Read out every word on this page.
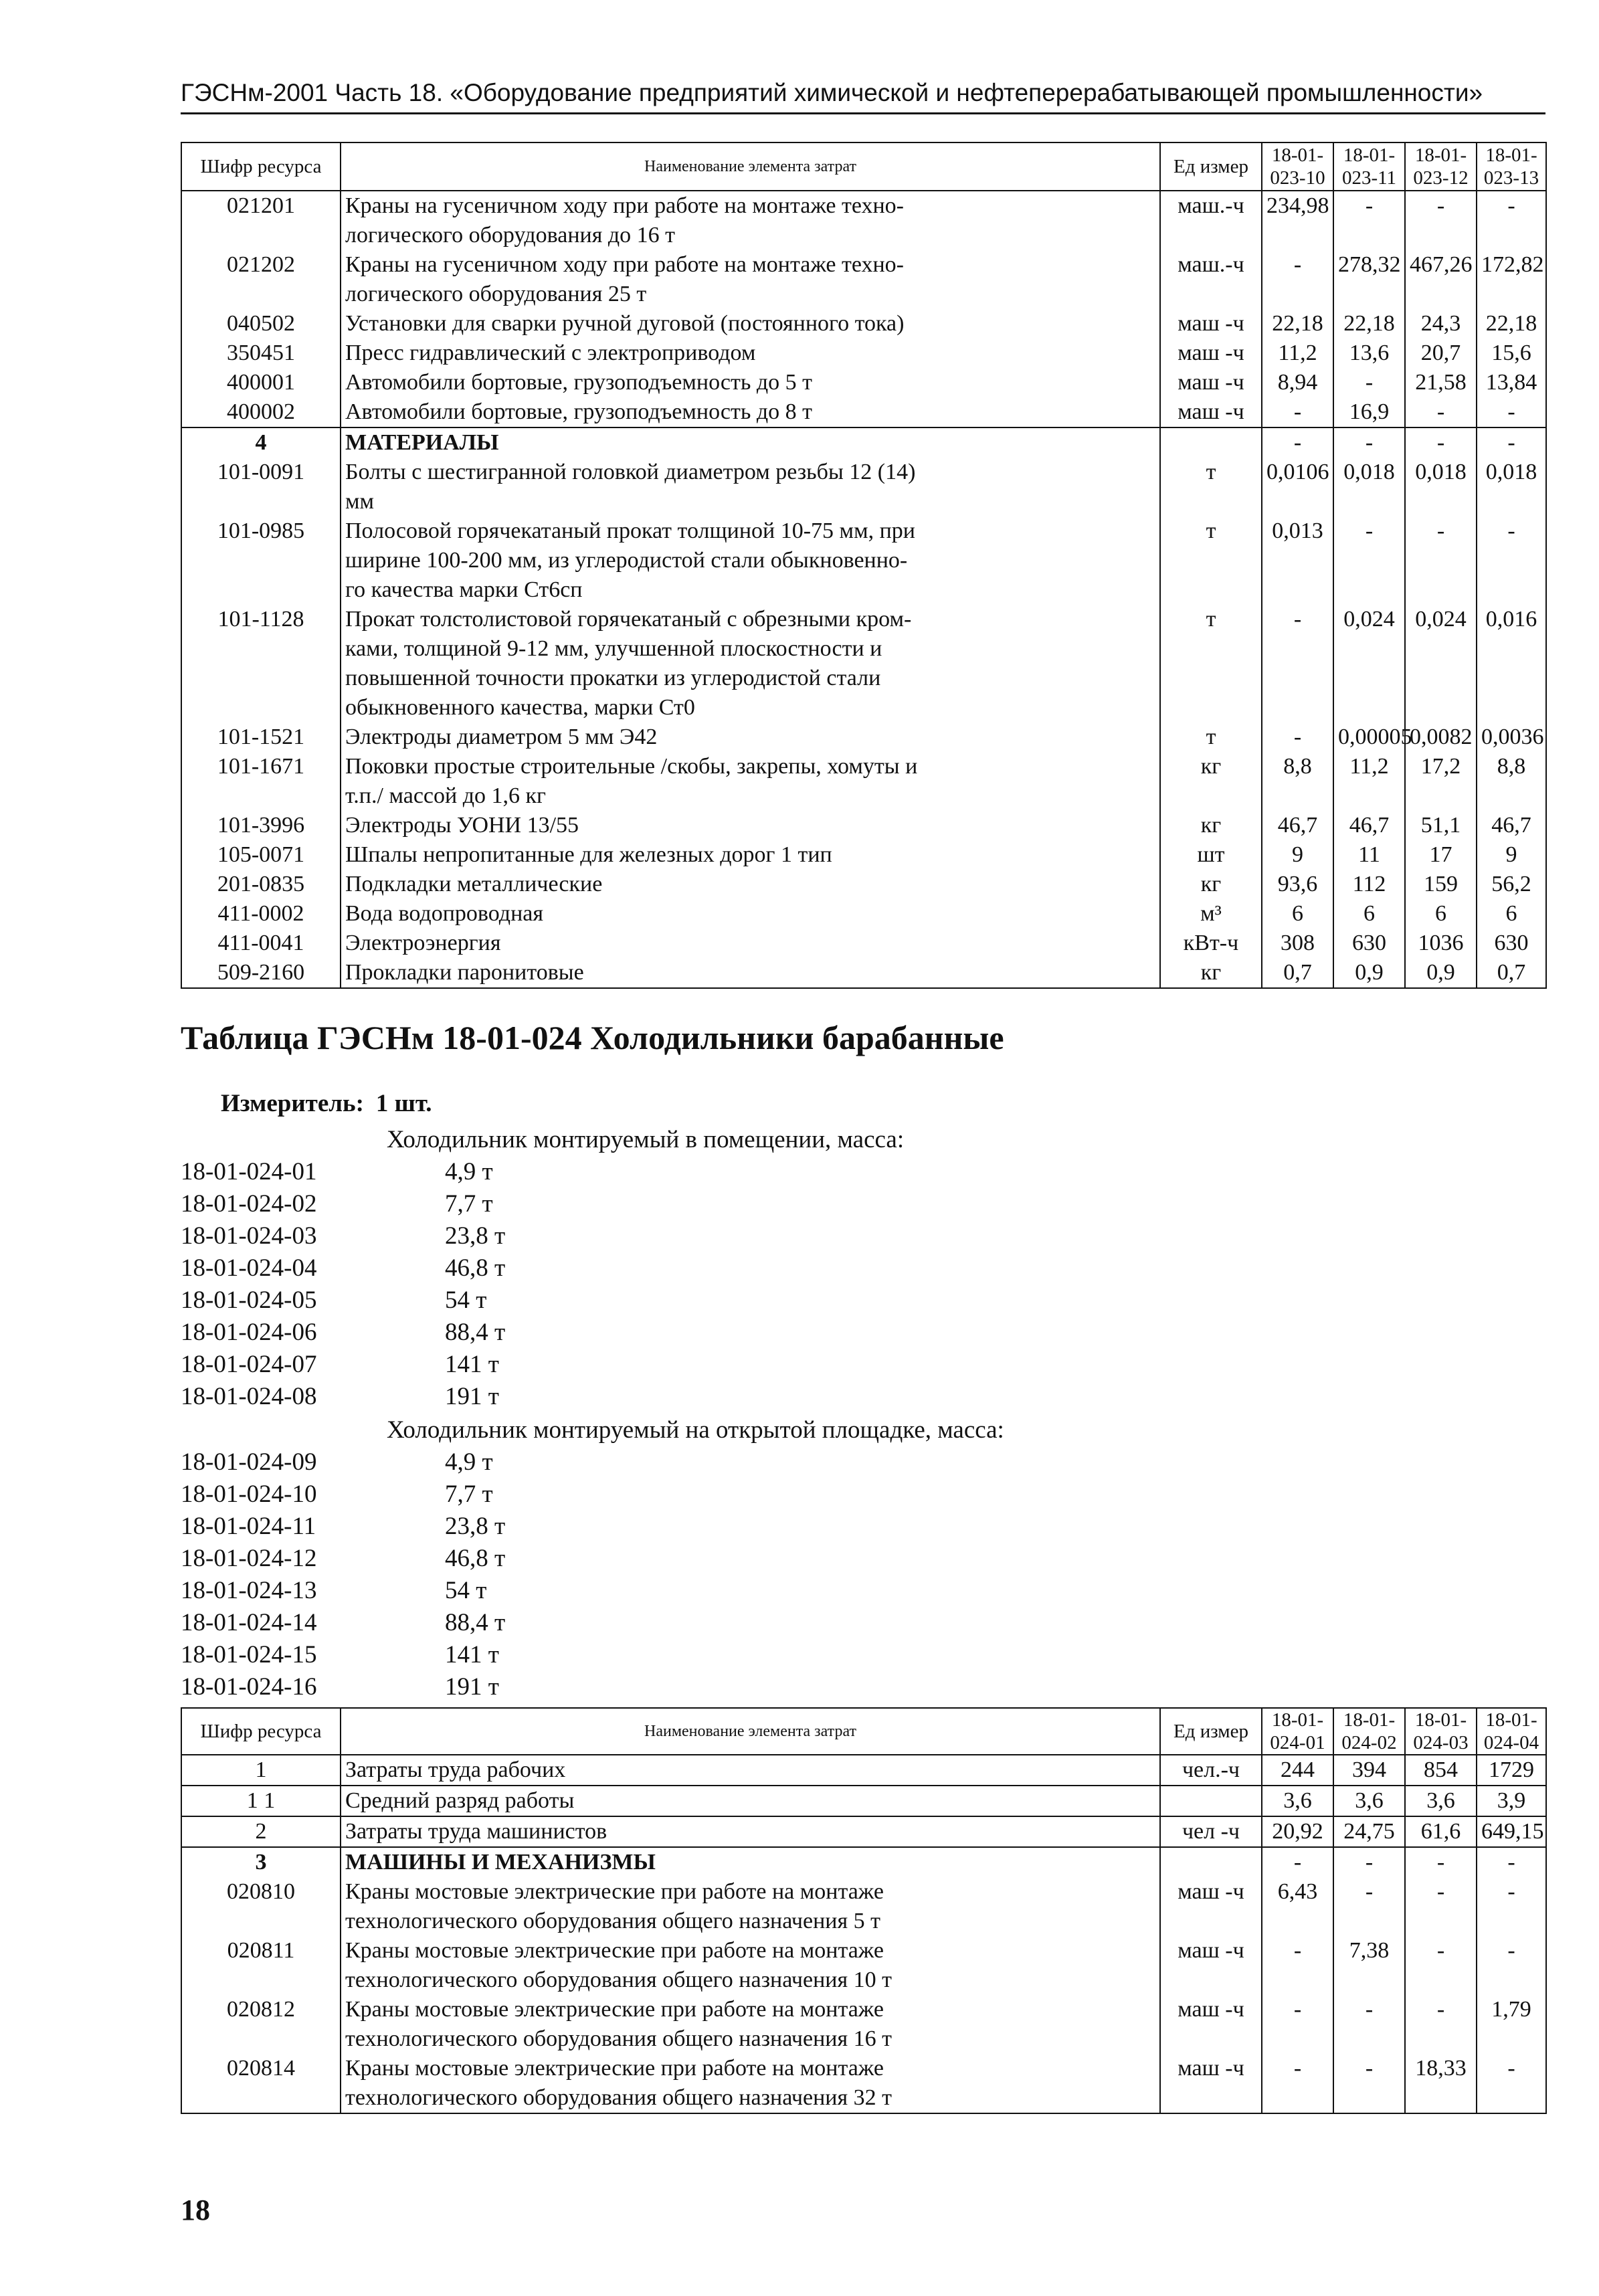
ГЭСНм-2001 Часть 18. «Оборудование предприятий химической и нефтеперерабатывающей промышленности»
Шифр ресурса	Наименование элемента затрат	Ед измер	18-01-023-10	18-01-023-11	18-01-023-12	18-01-023-13
021201	Краны на гусеничном ходу при работе на монтаже техно-
логического оборудования до 16 т	маш.-ч	234,98	-	-	-
021202	Краны на гусеничном ходу при работе на монтаже техно-
логического оборудования 25 т	маш.-ч	-	278,32	467,26	172,82
040502	Установки для сварки ручной дуговой (постоянного тока)	маш -ч	22,18	22,18	24,3	22,18
350451	Пресс гидравлический с электроприводом	маш -ч	11,2	13,6	20,7	15,6
400001	Автомобили бортовые, грузоподъемность до 5 т	маш -ч	8,94	-	21,58	13,84
400002	Автомобили бортовые, грузоподъемность до 8 т	маш -ч	-	16,9	-	-
4	МАТЕРИАЛЫ		-	-	-	-
101-0091	Болты с шестигранной головкой диаметром резьбы 12 (14)
мм	т	0,0106	0,018	0,018	0,018
101-0985	Полосовой горячекатаный прокат толщиной 10-75 мм, при
ширине 100-200 мм, из углеродистой стали обыкновенно-
го качества марки Ст6сп	т	0,013	-	-	-
101-1128	Прокат толстолистовой горячекатаный с обрезными кром-
ками, толщиной 9-12 мм, улучшенной плоскостности и
повышенной точности прокатки из углеродистой стали
обыкновенного качества, марки Ст0	т	-	0,024	0,024	0,016
101-1521	Электроды диаметром 5 мм Э42	т	-	0,00005	0,0082	0,0036
101-1671	Поковки простые строительные /скобы, закрепы, хомуты и
т.п./ массой до 1,6 кг	кг	8,8	11,2	17,2	8,8
101-3996	Электроды УОНИ 13/55	кг	46,7	46,7	51,1	46,7
105-0071	Шпалы непропитанные для железных дорог 1 тип	шт	9	11	17	9
201-0835	Подкладки металлические	кг	93,6	112	159	56,2
411-0002	Вода водопроводная	м³	6	6	6	6
411-0041	Электроэнергия	кВт-ч	308	630	1036	630
509-2160	Прокладки паронитовые	кг	0,7	0,9	0,9	0,7
Таблица ГЭСНм 18-01-024 Холодильники барабанные
Измеритель: 1 шт.
Холодильник монтируемый в помещении, масса:
18-01-024-01	4,9 т
18-01-024-02	7,7 т
18-01-024-03	23,8 т
18-01-024-04	46,8 т
18-01-024-05	54 т
18-01-024-06	88,4 т
18-01-024-07	141 т
18-01-024-08	191 т
Холодильник монтируемый на открытой площадке, масса:
18-01-024-09	4,9 т
18-01-024-10	7,7 т
18-01-024-11	23,8 т
18-01-024-12	46,8 т
18-01-024-13	54 т
18-01-024-14	88,4 т
18-01-024-15	141 т
18-01-024-16	191 т
Шифр ресурса	Наименование элемента затрат	Ед измер	18-01-024-01	18-01-024-02	18-01-024-03	18-01-024-04
1	Затраты труда рабочих	чел.-ч	244	394	854	1729
1 1	Средний разряд работы		3,6	3,6	3,6	3,9
2	Затраты труда машинистов	чел -ч	20,92	24,75	61,6	649,15
3	МАШИНЫ И МЕХАНИЗМЫ		-	-	-	-
020810	Краны мостовые электрические при работе на монтаже
технологического оборудования общего назначения 5 т	маш -ч	6,43	-	-	-
020811	Краны мостовые электрические при работе на монтаже
технологического оборудования общего назначения 10 т	маш -ч	-	7,38	-	-
020812	Краны мостовые электрические при работе на монтаже
технологического оборудования общего назначения 16 т	маш -ч	-	-	-	1,79
020814	Краны мостовые электрические при работе на монтаже
технологического оборудования общего назначения 32 т	маш -ч	-	-	18,33	-
18
